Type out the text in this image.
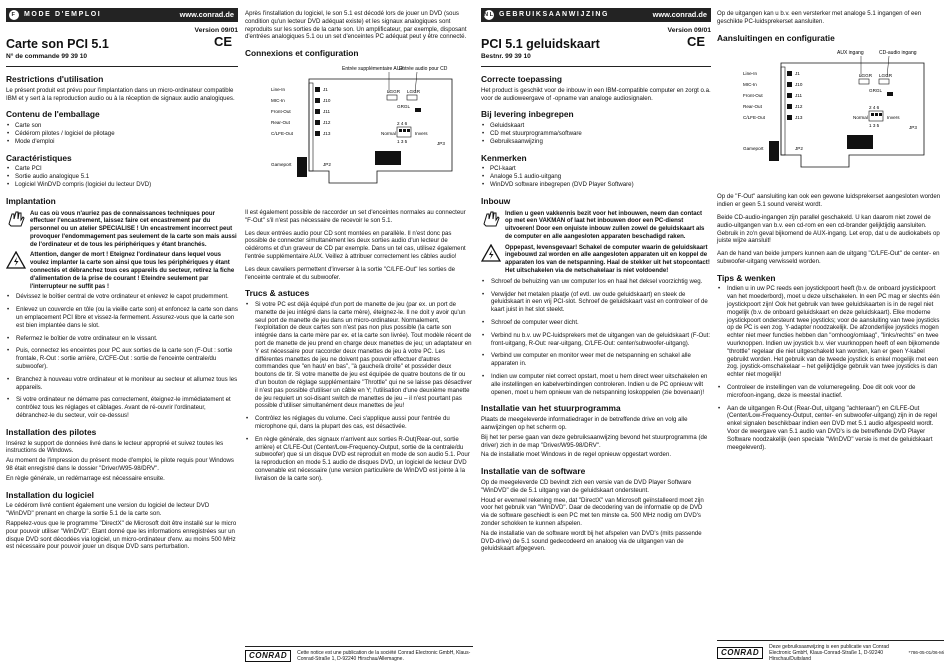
F	MODE D'EMPLOI	www.conrad.de
Version 09/01
CE
Carte son PCI 5.1
N° de commande 99 39 10
Restrictions d'utilisation

Le présent produit est prévu pour l'implantation dans un micro-ordinateur compatible IBM et y sert à la reproduction audio ou à la réception de signaux audio analogiques.

Contenu de l'emballage
• Carte son
• Cédérom pilotes / logiciel de pilotage
• Mode d'emploi
Caractéristiques
• Carte PCI
• Sortie audio analogique 5.1
• Logiciel WinDVD compris (logiciel du lecteur DVD)
Implantation
Au cas où vous n'auriez pas de connaissances techniques pour effectuer l'encastrement, laissez faire cet encastrement par du personnel ou un atelier SPECIALISE ! Un encastrement incorrect peut provoquer l'endommagement pas seulement de la carte son mais aussi de l'ordinateur et de tous les périphériques y étant branchés.
Attention, danger de mort ! Eteignez l'ordinateur dans lequel vous voulez implanter la carte son ainsi que tous les périphériques y étant connectés et débranchez tous ces appareils du secteur, retirez la fiche d'alimentation de la prise de courant ! Eteindre seulement par l'interrupteur ne suffit pas !
• Dévissez le boîtier central de votre ordinateur et enlevez le capot prudemment.
• Enlevez un couvercle en tôle (ou la vieille carte son) et enfoncez la carte son dans un emplacement PCI libre et vissez-la fermement. Assurez-vous que la carte son est bien implantée dans le slot.
• Refermez le boîtier de votre ordinateur en le vissant.
• Puis, connectez les enceintes pour PC aux sorties de la carte son (F-Out : sortie frontale, R-Out : sortie arrière, C/CFE-Out : sortie de l'enceinte centrale/du subwoofer).
• Branchez à nouveau votre ordinateur et le moniteur au secteur et allumez tous les appareils.
• Si votre ordinateur ne démarre pas correctement, éteignez-le immédiatement et contrôlez tous les réglages et câblages. Avant de ré-ouvrir l'ordinateur, débranchez-le du secteur, voir ce-dessus!
Installation des pilotes

Insérez le support de données livré dans le lecteur approprié et suivez toutes les instructions de Windows.

Au moment de l'impression du présent mode d'emploi, le pilote requis pour Windows 98 était enregistré dans le dossier "Driver/W95-98/DRV".

En règle générale, un redémarrage est nécessaire ensuite.

Installation du logiciel

Le cédérom livré contient également une version du logiciel de lecteur DVD "WinDVD" prenant en charge la sortie 5.1 de la carte son.

Rappelez-vous que le programme "DirectX" de Microsoft doit être installé sur le micro pour pouvoir utiliser "WinDVD". Etant donné que les informations enregistrées sur un disque DVD sont décodées via logiciel, un micro-ordinateur d'env. au moins 500 MHz est nécessaire pour pouvoir jouer un disque DVD sans perturbation.

Après l'installation du logiciel, le son 5.1 est décodé lors de jouer un DVD (sous condition qu'un lecteur DVD adéquat existe) et les signaux analogiques sont reproduits sur les sorties de la carte son. Un amplificateur, par exemple, disposant d'entrées analogiques 5.1 ou un set d'enceintes PC adéquat peut y être connecté.

Connexions et configuration
Entrée supplémentaire AUX
Entrée audio pour CD
Line-In
MIC-In
Front-Out
Rear-Out
C/LFE-Out
Gameport
J1
J10
J11
J12
J13
JP2
LGGR LGGR
GRGL
2 4 6
1 3 5
Normal	Invers
JP3

Il est également possible de raccorder un set d'enceintes normales au connecteur "F-Out" s'il n'est pas nécessaire de recevoir le son 5.1.

Les deux entrées audio pour CD sont montées en parallèle. Il n'est donc pas possible de connecter simultanément les deux sorties audio d'un lecteur de cédéroms et d'un graveur de CD par exemple. Dans un tel cas, utilisez également l'entrée supplémentaire AUX. Veillez à attribuer correctement les câbles audio!

Les deux cavaliers permettent d'inverser à la sortie "C/LFE-Out" les sorties de l'enceinte centrale et du subwoofer.

Trucs & astuces
• Si votre PC est déjà équipé d'un port de manette de jeu (par ex. un port de manette de jeu intégré dans la carte mère), éteignez-le. Il ne doit y avoir qu'un seul port de manette de jeu dans un micro-ordinateur. Normalement, l'exploitation de deux cartes son n'est pas non plus possible (la carte son intégrée dans la carte mère par ex. et la carte son livrée). Tout modèle récent de port de manette de jeu prend en charge deux manettes de jeu; un adaptateur en Y est nécessaire pour raccorder deux manettes de jeu à votre PC. Les différentes manettes de jeu ne doivent pas pouvoir effectuer d'autres commandes que "en haut/ en bas", "à gauche/à droite" et posséder deux boutons de tir. Si votre manette de jeu est équipée de quatre boutons de tir ou d'un bouton de réglage supplémentaire "Throttle" qui ne se laisse pas désactiver il n'est pas possible d'utiliser un câble en Y; l'utilisation d'une deuxième manette de jeu requiert un soi-disant switch de manettes de jeu – il n'est pourtant pas possible d'utiliser simultanément deux manettes de jeu!
• Contrôlez les réglages du volume. Ceci s'applique aussi pour l'entrée du microphone qui, dans la plupart des cas, est désactivée.
• En règle générale, des signaux n'arrivent aux sorties R-Out(Rear-out, sortie arrière) et C/LFE-Out (Center/Low-Frequency-Output, sortie de la centrale/du subwoofer) que si un disque DVD est reproduit en mode de son audio 5.1. Pour la reproduction en mode 5.1 audio de disques DVD, un logiciel de lecteur DVD convenable est nécessaire (une version particulière de WinDVD est jointe à la livraison de la carte son).
CONRAD	Cette notice est une publication de la société Conrad Electronic GmbH, Klaus-Conrad-Straße 1, D-92240 Hirschau/Allemagne.
NL GEBRUIKSAANWIJZING	www.conrad.de
Version 09/01
CE
PCI 5.1 geluidskaart
Bestnr. 99 39 10
Correcte toepassing

Het product is geschikt voor de inbouw in een IBM-compatible computer en zorgt o.a. voor de audioweergave of -opname van analoge audiosignalen.

Bij levering inbegrepen
• Geluidskaart
• CD met stuurprogramma/software
• Gebruiksaanwijzing
Kenmerken
• PCI-kaart
• Analoge 5.1 audio-uitgang
• WinDVD software inbegrepen (DVD Player Software)
Inbouw
Indien u geen vakkennis bezit voor het inbouwen, neem dan contact op met een VAKMAN of laat het inbouwen door een PC-dienst uitvoeren! Door een onjuiste inbouw zullen zowel de geluidskaart als de computer en alle aangesloten apparaten beschadigd raken.
Oppepast, levensgevaar! Schakel de computer waarin de geluidskaart ingebouwd zal worden en alle aangesloten apparaten uit en koppel de apparaten los van de netspanning. Haal de stekker uit het stopcontact! Het uitschakelen via de netschakelaar is niet voldoende!
• Schroef de behuizing van uw computer los en haal het deksel voorzichtig weg.
• Verwijder het metalen plaatje (of evtl. uw oude geluidskaart) en steek de geluidskaart in een vrij PCI-slot. Schroef de geluidskaart vast en controleer of de kaart juist in het slot steekt.
• Schroef de computer weer dicht.
• Verbind nu b.v. uw PC-luidsprekers met de uitgangen van de geluidskaart (F-Out: front-uitgang, R-Out: rear-uitgang, C/LFE-Out: center/subwoofer-uitgang).
• Verbind uw computer en monitor weer met de netspanning en schakel alle apparaten in.
• Indien uw computer niet correct opstart, moet u hem direct weer uitschakelen en alle instellingen en kabelverbindingen controleren. Indien u de PC opnieuw wilt openen, moet u hem opnieuw van de netspanning loskoppelen (zie bovenaan)!
Installatie van het stuurprogramma

Plaats de meegeleverde informatiedrager in de betreffende drive en volg alle aanwijzingen op het scherm op.

Bij het ter perse gaan van deze gebruiksaanwijzing bevond het stuurprogramma (de driver) zich in de map "Driver/W95-98/DRV".

Na de installatie moet Windows in de regel opnieuw opgestart worden.

Installatie van de software

Op de meegeleverde CD bevindt zich een versie van de DVD Player Software "WinDVD" die de 5.1 uitgang van de geluidskaart ondersteunt.

Houd er evenwel rekening mee, dat "DirectX" van Microsoft geïnstalleerd moet zijn voor het gebruik van "WinDVD". Daar de decodering van de informatie op de DVD via de software geschiedt is een PC met ten minste ca. 500 MHz nodig om DVD's zonder schokken te kunnen afspelen.

Na de installatie van de software wordt bij het afspelen van DVD's (mits passende DVD-drive) de 5.1 sound gedecodeerd en analoog via de uitgangen van de geluidskaart afgegeven.

Op de uitgangen kan u b.v. een versterker met analoge 5.1 ingangen of een geschikte PC-luidsprekerset aansluiten.

Aansluitingen en configuratie
AUX ingang	CD-audio ingang
Line-In
MIC-In
Front-Out
Rear-Out
C/LFE-Out
Gameport
J1
J10
J11
J12
J13
JP2
LGGR LGGR
GRGL
2 4 6
1 3 5
Normal	Invers
JP3

Op de "F-Out" aansluiting kan ook een gewone luidsprekerset aangesloten worden indien er geen 5.1 sound vereist wordt.

Beide CD-audio-ingangen zijn parallel geschakeld. U kan daarom niet zowel de audio-uitgangen van b.v. een cd-rom en een cd-brander gelijktijdig aansluiten. Gebruik in zo'n geval bijkomend de AUX-ingang. Let erop, dat u de audiokabels op juiste wijze aansluit!

Aan de hand van beide jumpers kunnen aan de uitgang "C/LFE-Out" de center- en subwoofer-uitgang verwisseld worden.

Tips & wenken
• Indien u in uw PC reeds een joystickpoort heeft (b.v. de onboard joystickpoort van het moederbord), moet u deze uitschakelen. In een PC mag er slechts één joystickpoort zijn! Ook het gebruik van twee geluidskaarten is in de regel niet mogelijk (b.v. de onboard geluidskaart en deze geluidskaart). Elke moderne joystickpoort ondersteunt twee joysticks; voor de aansluiting van twee joysticks op de PC is een zog. Y-adapter noodzakelijk. De afzonderlijke joysticks mogen echter niet meer functies hebben dan "omhoog/omlaag", "links/rechts" en twee vuurknoppen. Indien uw joystick b.v. vier vuurknoppen heeft of een bijkomende "throttle" regelaar die niet uitgeschakeld kan worden, kan er geen Y-kabel gebruikt worden. Het gebruik van de tweede joystick is enkel mogelijk met een zog. joystick-omschakelaar – het gelijktijdige gebruik van twee joysticks is dan echter niet mogelijk!
• Controleer de instellingen van de volumeregeling. Doe dit ook voor de microfoon-ingang, deze is meestal inactief.
• Aan de uitgangen R-Out (Rear-Out, uitgang "achteraan") en C/LFE-Out (Center/Low-Frequency-Output, center- en subwoofer-uitgang) zijn in de regel enkel signalen beschikbaar indien een DVD met 5.1 audio afgespeeld wordt. Voor de weergave van 5.1 audio van DVD's is de betreffende DVD Player Software noodzakelijk (een speciale "WinDVD" versie is met de geluidskaart meegeleverd).
CONRAD
Deze gebruiksaanwijzing is een publicatie van Conrad Electronic GmbH, Klaus-Conrad-Straße 1, D-92240 Hirschau/Duitsland
*786-05-01/06-Mi
